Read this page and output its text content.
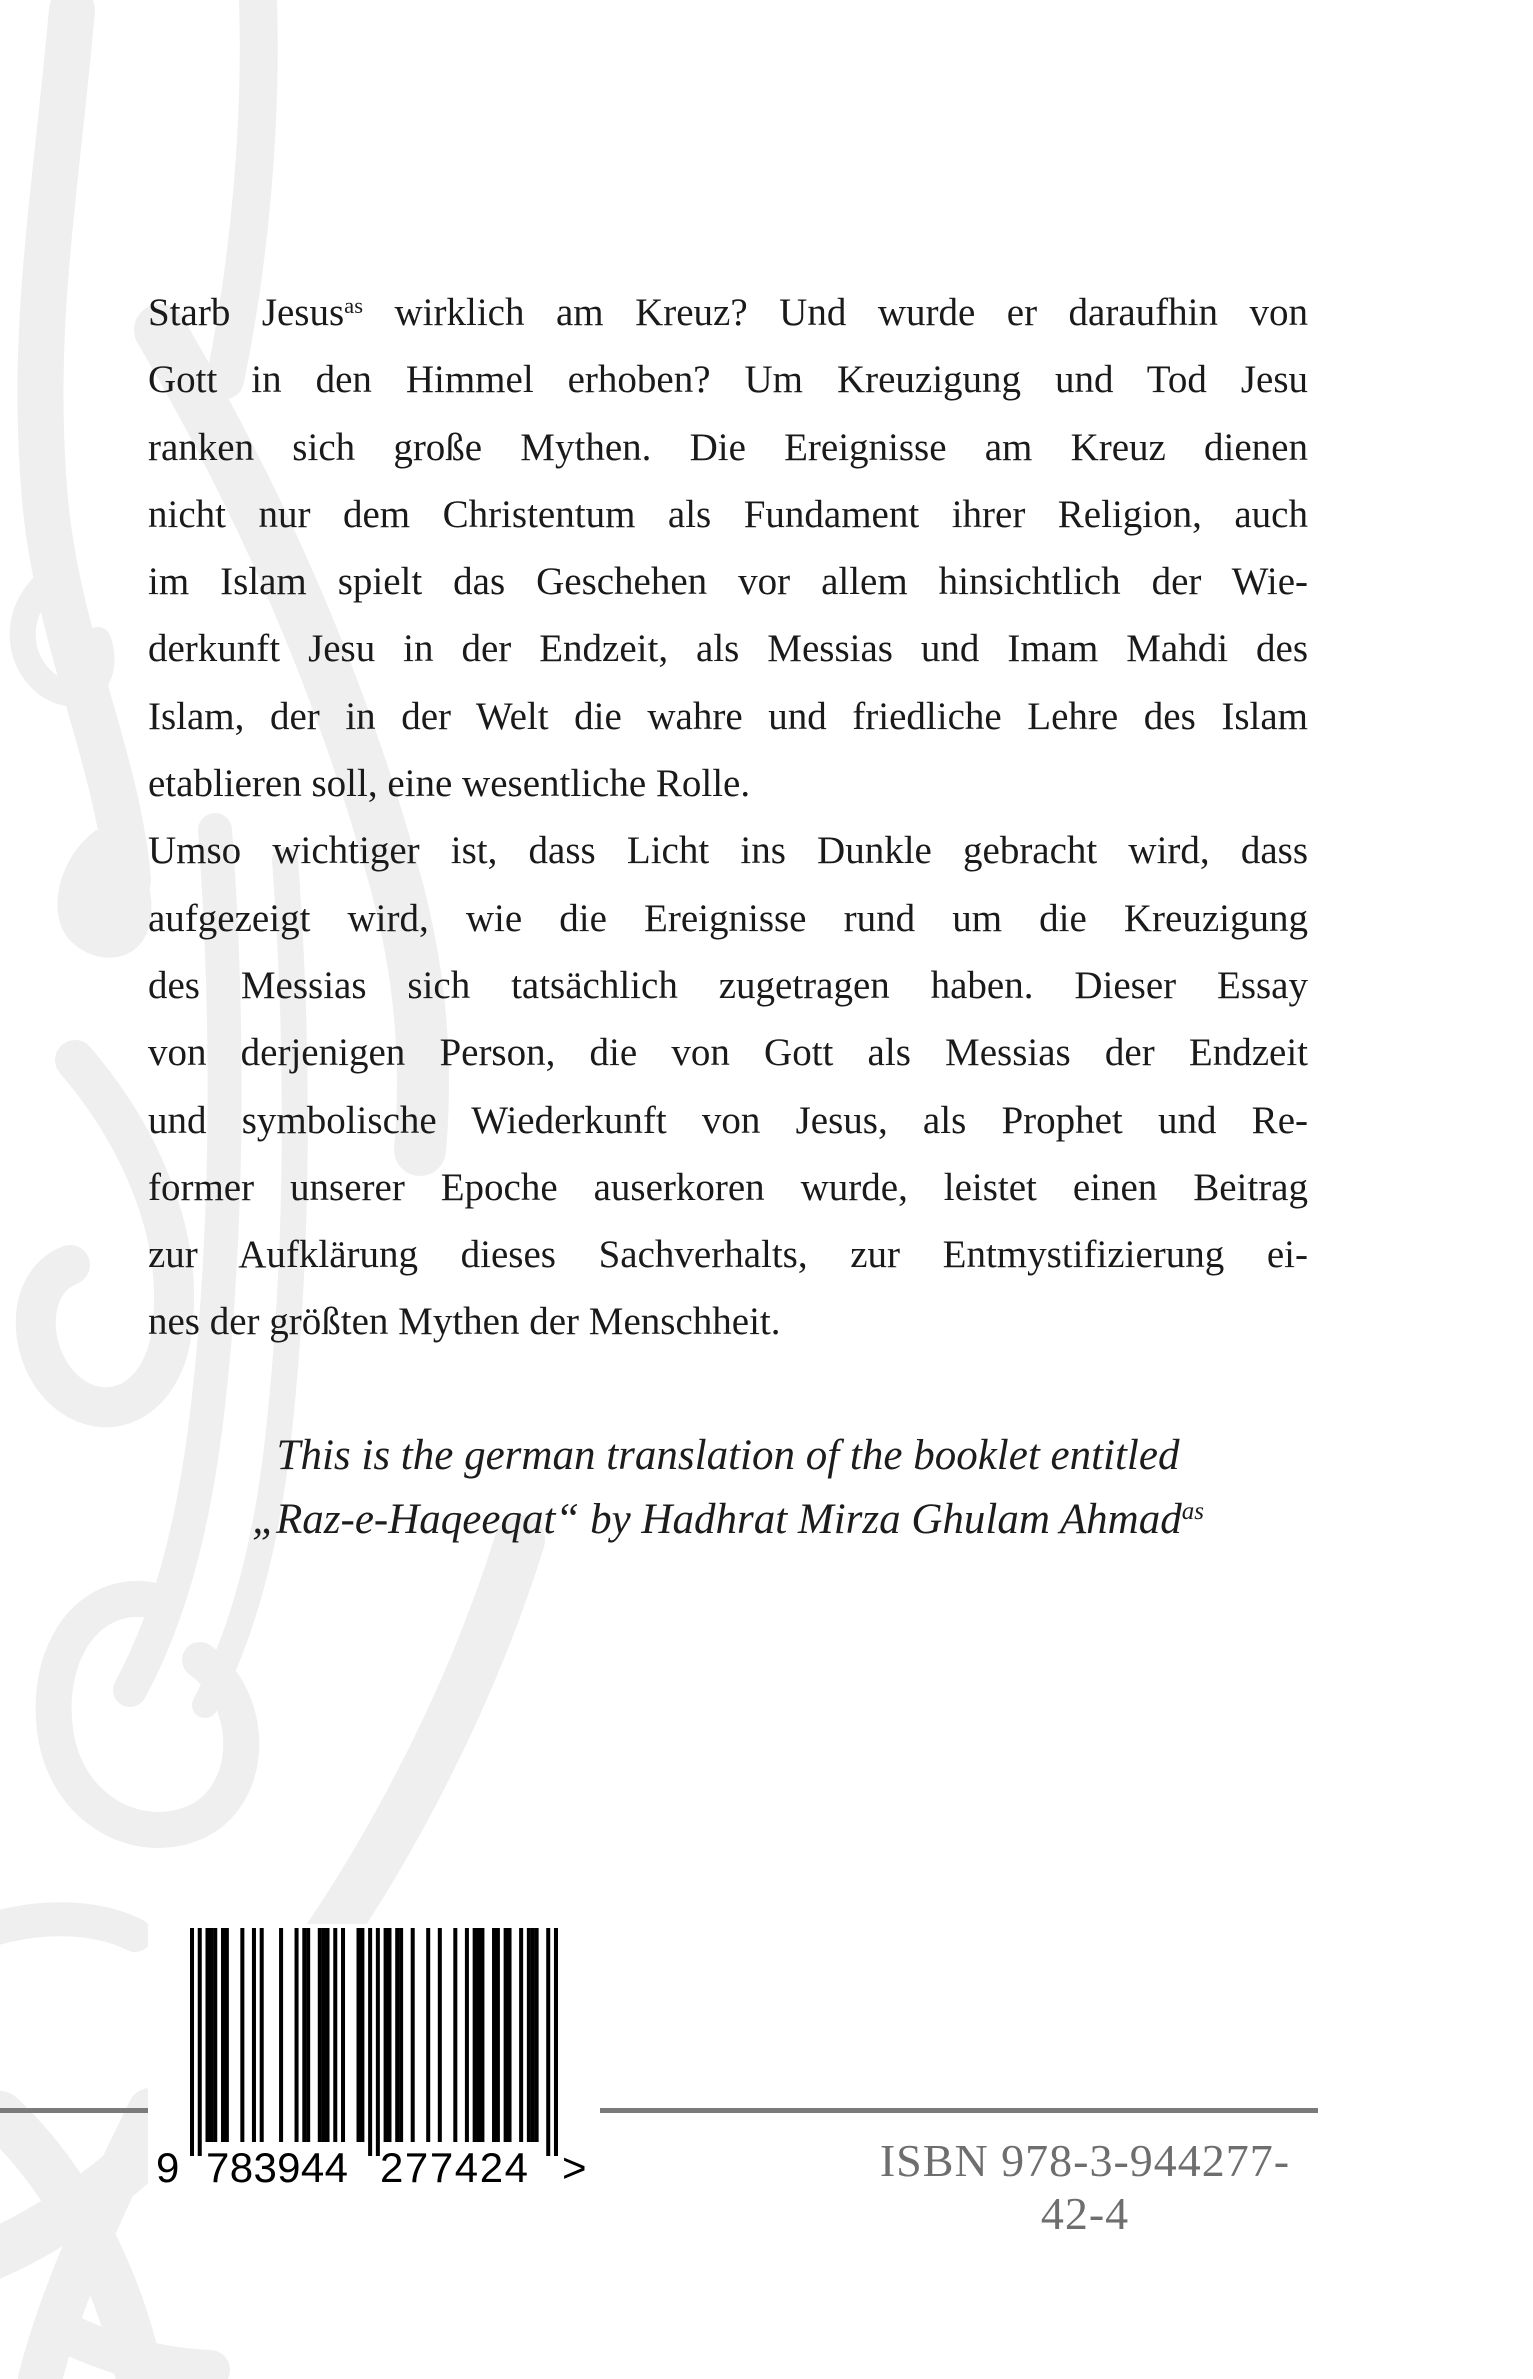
Starb Jesus$^{as}$ wirklich am Kreuz? Und wurde er daraufhin von
Gott in den Himmel erhoben? Um Kreuzigung und Tod Jesu
ranken sich große Mythen. Die Ereignisse am Kreuz dienen
nicht nur dem Christentum als Fundament ihrer Religion, auch
im Islam spielt das Geschehen vor allem hinsichtlich der Wie-
derkunft Jesu in der Endzeit, als Messias und Imam Mahdi des
Islam, der in der Welt die wahre und friedliche Lehre des Islam
etablieren soll, eine wesentliche Rolle.
Umso wichtiger ist, dass Licht ins Dunkle gebracht wird, dass
aufgezeigt wird, wie die Ereignisse rund um die Kreuzigung
des Messias sich tatsächlich zugetragen haben. Dieser Essay
von derjenigen Person, die von Gott als Messias der Endzeit
und symbolische Wiederkunft von Jesus, als Prophet und Re-
former unserer Epoche auserkoren wurde, leistet einen Beitrag
zur Aufklärung dieses Sachverhalts, zur Entmystifizierung ei-
nes der größten Mythen der Menschheit.
This is the german translation of the booklet entitled
„Raz-e-Haqeeqat“ by Hadhrat Mirza Ghulam Ahmad$^{as}$
9 783944 277424 >	ISBN 978-3-944277-42-4
